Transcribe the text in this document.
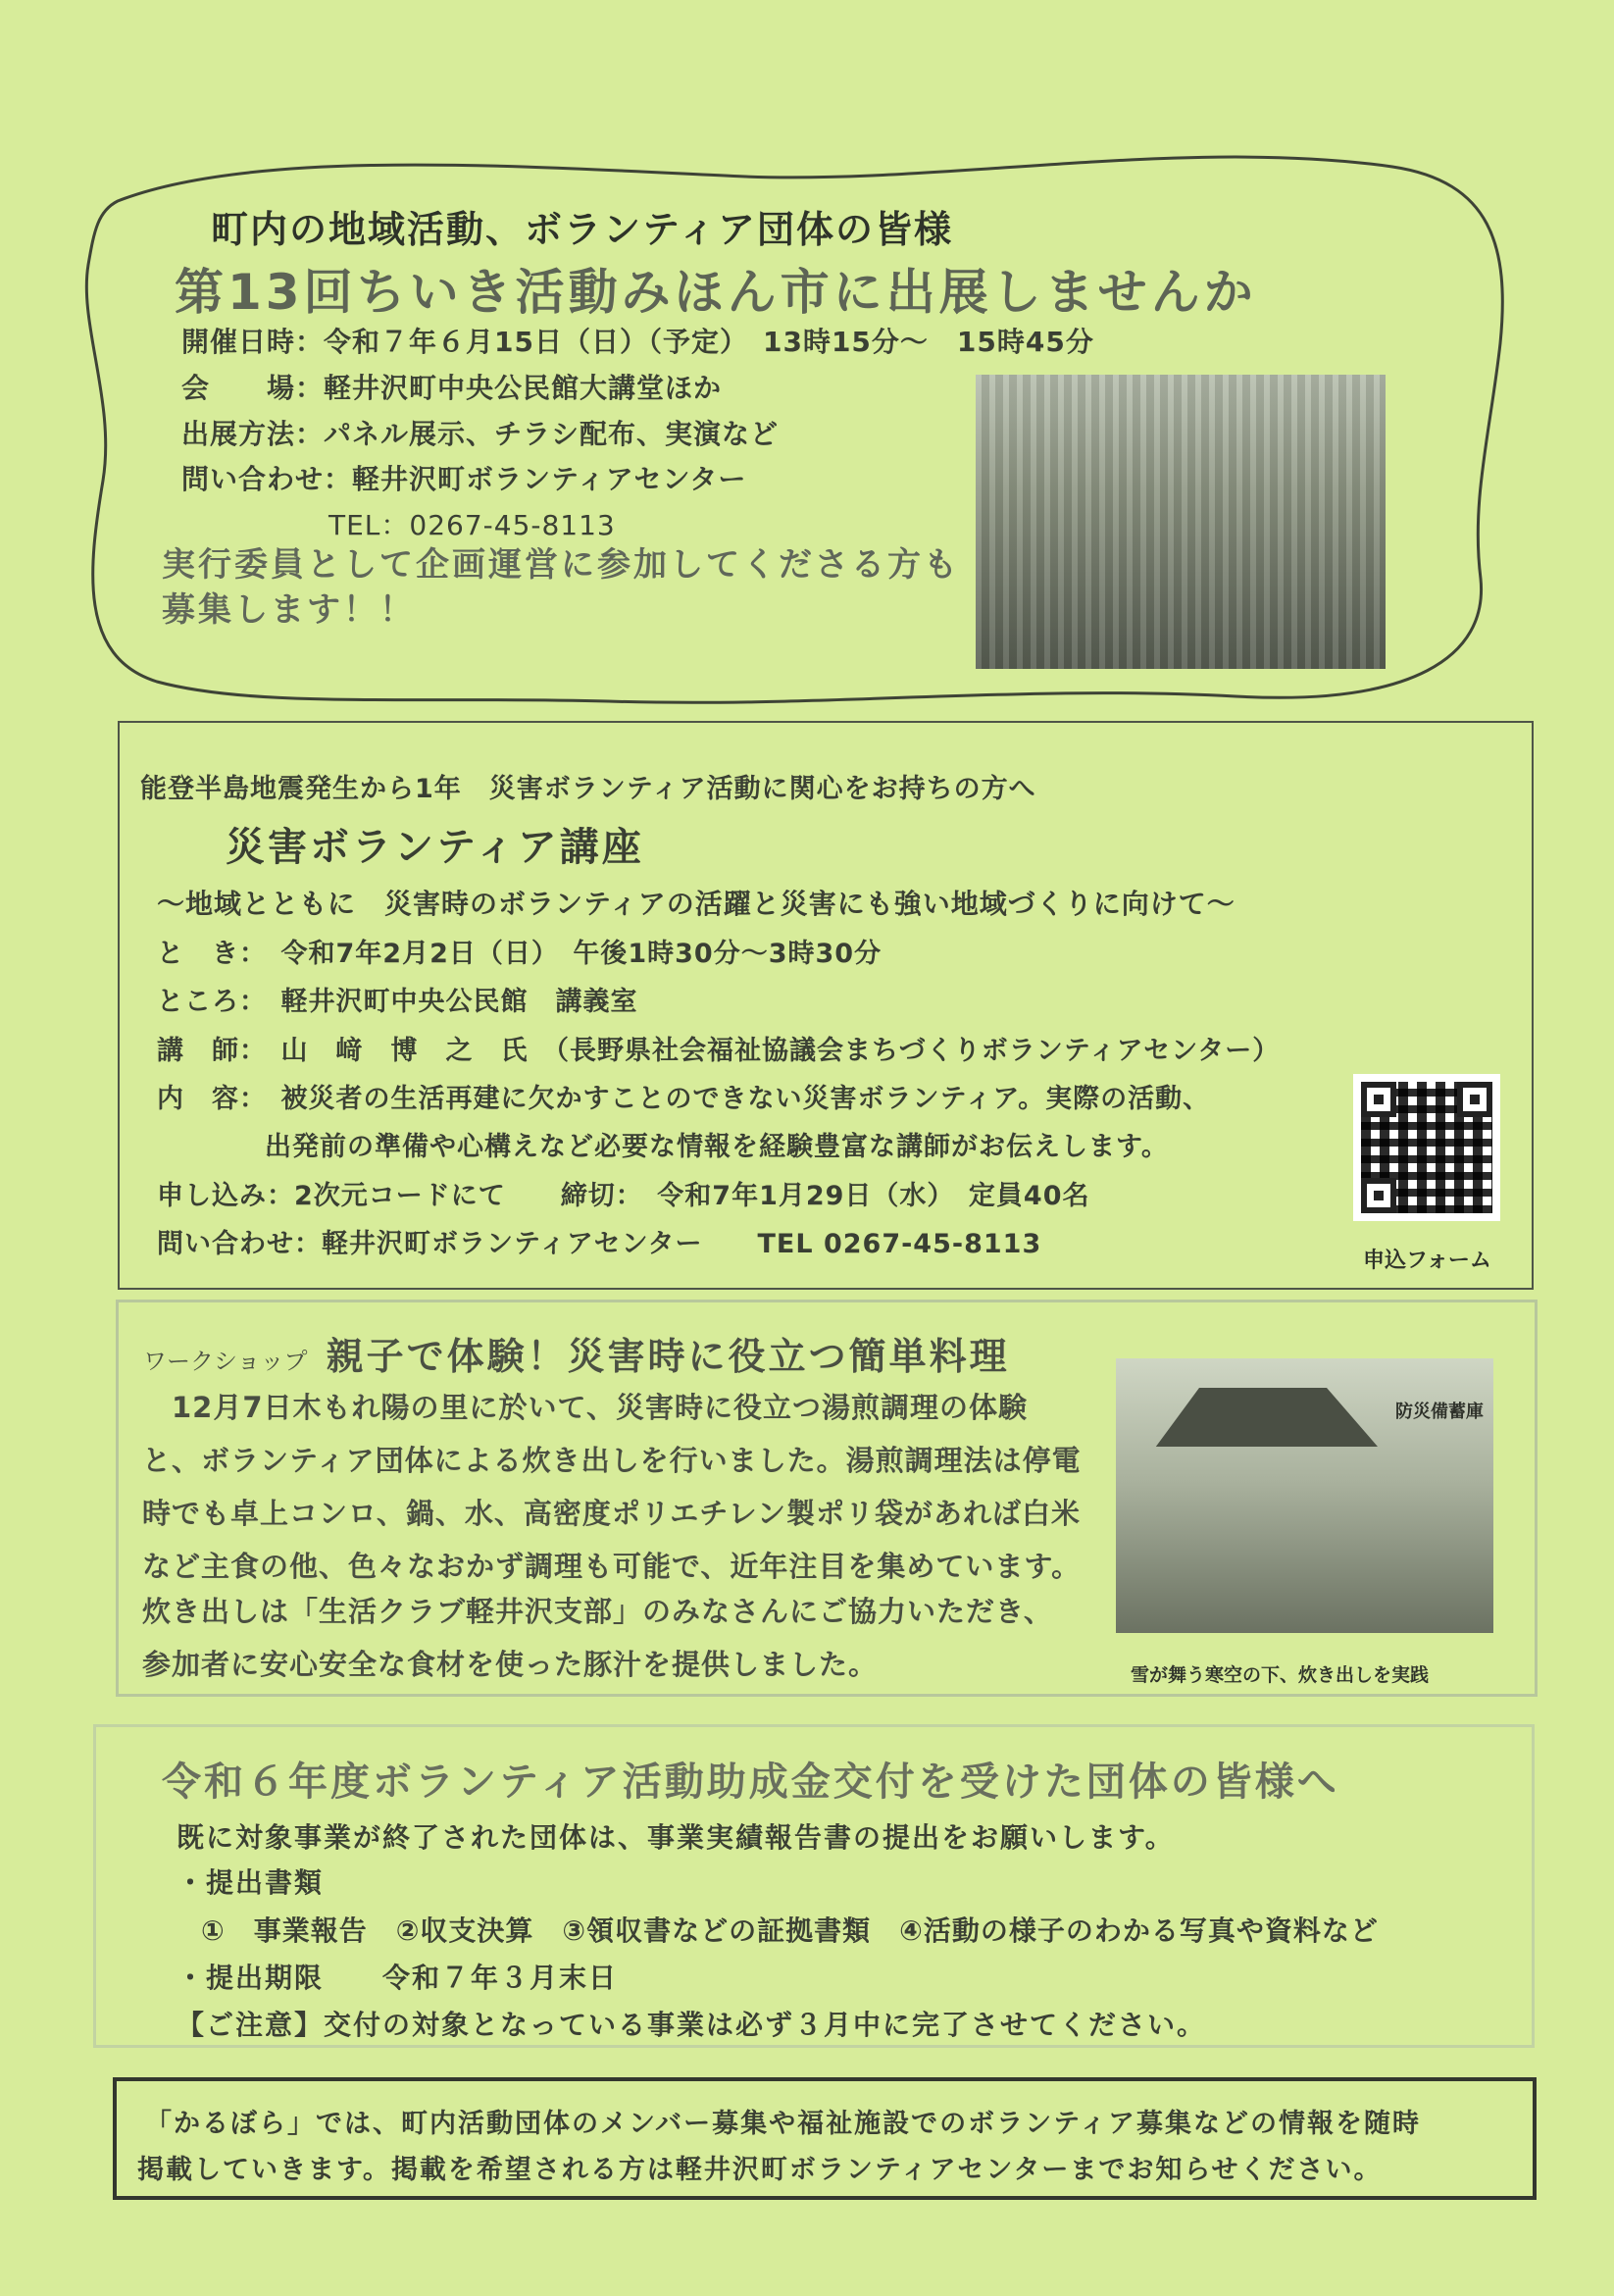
町内の地域活動、ボランティア団体の皆様
第13回ちいき活動みほん市に出展しませんか
開催日時：令和７年６月15日（日）（予定）　13時15分～　15時45分
会　　場：軽井沢町中央公民館大講堂ほか
出展方法：パネル展示、チラシ配布、実演など
問い合わせ：軽井沢町ボランティアセンター
TEL：0267-45-8113
実行委員として企画運営に参加してくださる方も募集します！！
能登半島地震発生から1年　災害ボランティア活動に関心をお持ちの方へ
災害ボランティア講座
～地域とともに　災害時のボランティアの活躍と災害にも強い地域づくりに向けて～
と　き：　令和7年2月2日（日）　午後1時30分～3時30分
ところ：　軽井沢町中央公民館　講義室
講　師：　山　﨑　博　之　氏　（長野県社会福祉協議会まちづくりボランティアセンター）
内　容：　被災者の生活再建に欠かすことのできない災害ボランティア。実際の活動、
出発前の準備や心構えなど必要な情報を経験豊富な講師がお伝えします。
申し込み：2次元コードにて　　締切：　令和7年1月29日（水）　定員40名
問い合わせ：軽井沢町ボランティアセンター　　TEL 0267-45-8113
申込フォーム
ワークショップ 親子で体験！災害時に役立つ簡単料理
12月7日木もれ陽の里に於いて、災害時に役立つ湯煎調理の体験
と、ボランティア団体による炊き出しを行いました。湯煎調理法は停電
時でも卓上コンロ、鍋、水、高密度ポリエチレン製ポリ袋があれば白米
など主食の他、色々なおかず調理も可能で、近年注目を集めています。
炊き出しは「生活クラブ軽井沢支部」のみなさんにご協力いただき、
参加者に安心安全な食材を使った豚汁を提供しました。
防災備蓄庫
雪が舞う寒空の下、炊き出しを実践
令和６年度ボランティア活動助成金交付を受けた団体の皆様へ
既に対象事業が終了された団体は、事業実績報告書の提出をお願いします。
・提出書類
①　事業報告　②収支決算　③領収書などの証拠書類　④活動の様子のわかる写真や資料など
・提出期限　　令和７年３月末日
【ご注意】交付の対象となっている事業は必ず３月中に完了させてください。
「かるぼら」では、町内活動団体のメンバー募集や福祉施設でのボランティア募集などの情報を随時
掲載していきます。掲載を希望される方は軽井沢町ボランティアセンターまでお知らせください。
